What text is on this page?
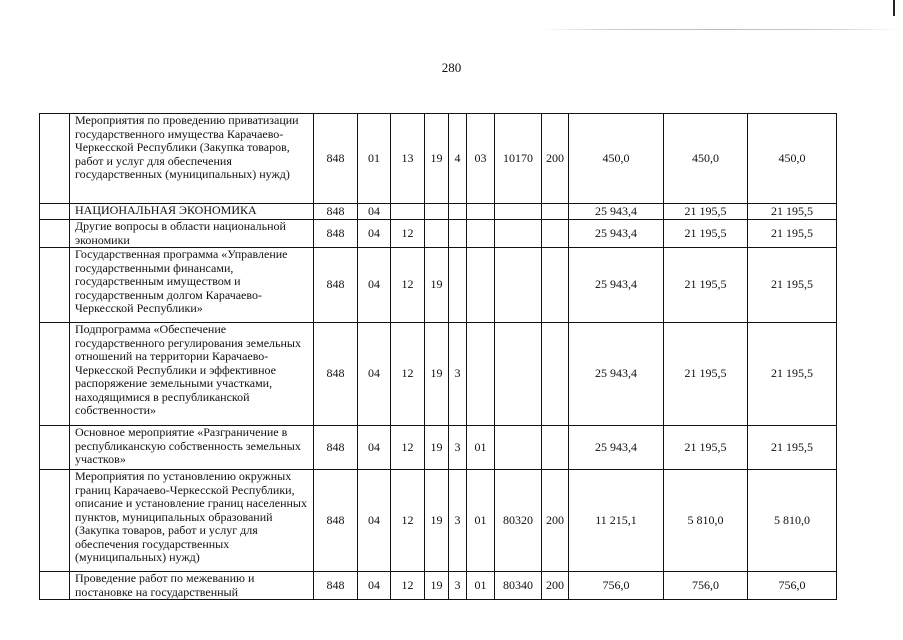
280
	Мероприятия по проведению приватизации государственного имущества Карачаево-Черкесской Республики (Закупка товаров, работ и услуг для обеспечения государственных (муниципальных) нужд)	848	01	13	19	4	03	10170	200	450,0	450,0	450,0
	НАЦИОНАЛЬНАЯ ЭКОНОМИКА	848	04							25 943,4	21 195,5	21 195,5
	Другие вопросы в области национальной экономики	848	04	12						25 943,4	21 195,5	21 195,5
	Государственная программа «Управление государственными финансами, государственным имуществом и государственным долгом Карачаево-Черкесской Республики»	848	04	12	19					25 943,4	21 195,5	21 195,5
	Подпрограмма «Обеспечение государственного регулирования земельных отношений на территории Карачаево-Черкесской Республики и эффективное распоряжение земельными участками, находящимися в республиканской собственности»	848	04	12	19	3				25 943,4	21 195,5	21 195,5
	Основное мероприятие «Разграничение в республиканскую собственность земельных участков»	848	04	12	19	3	01			25 943,4	21 195,5	21 195,5
	Мероприятия по установлению окружных границ Карачаево-Черкесской Республики, описание и установление границ населенных пунктов, муниципальных образований (Закупка товаров, работ и услуг для обеспечения государственных (муниципальных) нужд)	848	04	12	19	3	01	80320	200	11 215,1	5 810,0	5 810,0
	Проведение работ по межеванию и постановке на государственный	848	04	12	19	3	01	80340	200	756,0	756,0	756,0
